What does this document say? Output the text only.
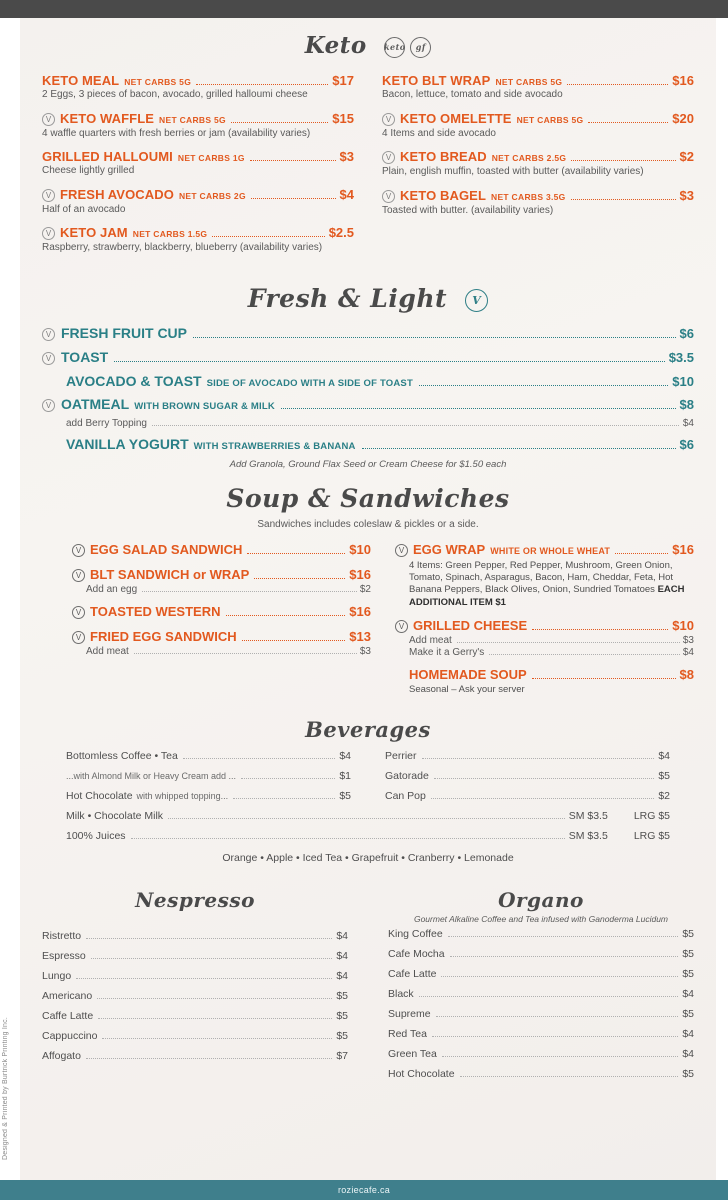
Designed & Printed by Burtrick Printing Inc.
Keto keto	gf
KETO MEAL NET CARBS 5G	$17
2 Eggs, 3 pieces of bacon, avocado, grilled halloumi cheese
V KETO WAFFLE NET CARBS 5G	$15
4 waffle quarters with fresh berries or jam (availability varies)
GRILLED HALLOUMI NET CARBS 1G	$3
Cheese lightly grilled
V FRESH AVOCADO NET CARBS 2G	$4
Half of an avocado
V KETO JAM NET CARBS 1.5G	$2.5
Raspberry, strawberry, blackberry, blueberry (availability varies)
KETO BLT WRAP NET CARBS 5G	$16
Bacon, lettuce, tomato and side avocado
V KETO OMELETTE NET CARBS 5G	$20
4 Items and side avocado
V KETO BREAD NET CARBS 2.5G	$2
Plain, english muffin, toasted with butter (availability varies)
V KETO BAGEL NET CARBS 3.5G	$3
Toasted with butter. (availability varies)
Fresh & Light	V
V FRESH FRUIT CUP	$6
V TOAST	$3.5
AVOCADO & TOAST SIDE OF AVOCADO WITH A SIDE OF TOAST	$10
V OATMEAL WITH BROWN SUGAR & MILK	$8
add Berry Topping	$4
VANILLA YOGURT WITH STRAWBERRIES & BANANA	$6
Add Granola, Ground Flax Seed or Cream Cheese for $1.50 each
Soup & Sandwiches
Sandwiches includes coleslaw & pickles or a side.
V EGG SALAD SANDWICH	$10
V BLT SANDWICH or WRAP	$16
Add an egg	$2
V TOASTED WESTERN	$16
V FRIED EGG SANDWICH	$13
Add meat	$3
V EGG WRAP WHITE OR WHOLE WHEAT	$16
4 Items: Green Pepper, Red Pepper, Mushroom, Green Onion, Tomato, Spinach, Asparagus, Bacon, Ham, Cheddar, Feta, Hot Banana Peppers, Black Olives, Onion, Sundried Tomatoes EACH ADDITIONAL ITEM $1
V GRILLED CHEESE	$10
Add meat	$3
Make it a Gerry's	$4
HOMEMADE SOUP	$8
Seasonal – Ask your server
Beverages
Bottomless Coffee • Tea	$4
...with Almond Milk or Heavy Cream add ...	$1
Hot Chocolate with whipped topping...	$5
Perrier	$4
Gatorade	$5
Can Pop	$2
Milk • Chocolate Milk	SM $3.5 LRG $5
100% Juices	SM $3.5 LRG $5
Orange • Apple • Iced Tea • Grapefruit • Cranberry • Lemonade
Nespresso
Ristretto	$4
Espresso	$4
Lungo	$4
Americano	$5
Caffe Latte	$5
Cappuccino	$5
Affogato	$7
Organo
Gourmet Alkaline Coffee and Tea infused with Ganoderma Lucidum
King Coffee	$5
Cafe Mocha	$5
Cafe Latte	$5
Black	$4
Supreme	$5
Red Tea	$4
Green Tea	$4
Hot Chocolate	$5
roziecafe.ca
